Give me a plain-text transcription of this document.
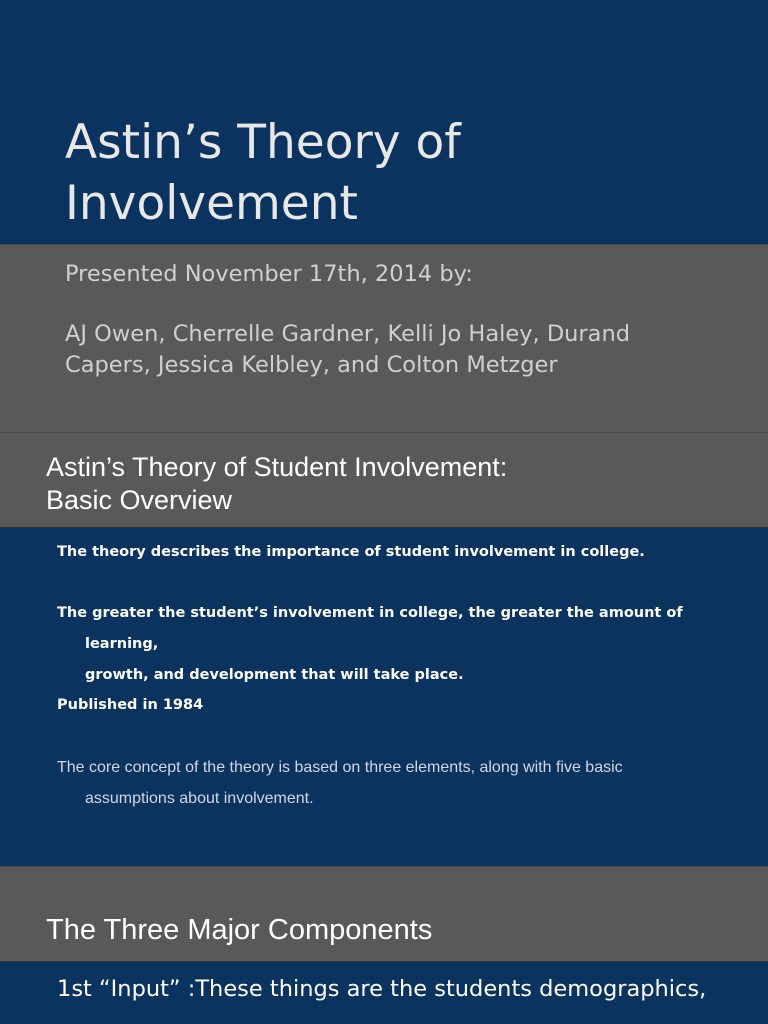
Astin’s Theory of
Involvement
Presented November 17th, 2014 by:
AJ Owen, Cherrelle Gardner, Kelli Jo Haley, Durand
Capers, Jessica Kelbley, and Colton Metzger
Astin’s Theory of Student Involvement:
Basic Overview
The theory describes the importance of student involvement in college.
The greater the student’s involvement in college, the greater the amount of learning,
growth, and development that will take place.
Published in 1984
The core concept of the theory is based on three elements, along with five basic
assumptions about involvement.
The Three Major Components
1st “Input” :These things are the students demographics,
